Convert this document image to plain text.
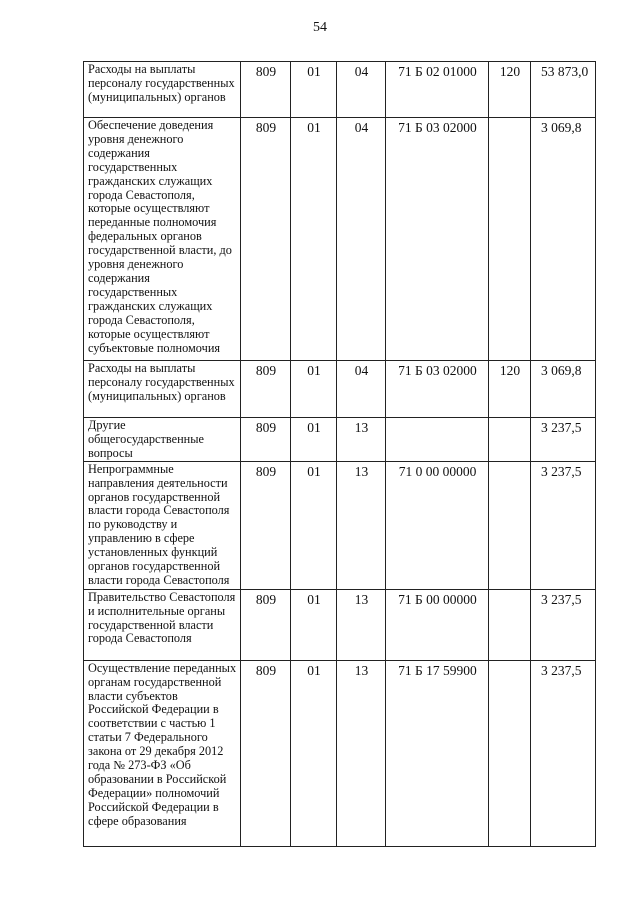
54
Расходы на выплаты персоналу государственных (муниципальных) органов	809	01	04	71 Б 02 01000	120	53 873,0
Обеспечение доведения уровня денежного содержания государственных гражданских служащих города Севастополя, которые осуществляют переданные полномочия федеральных органов государственной власти, до уровня денежного содержания государственных гражданских служащих города Севастополя, которые осуществляют субъектовые полномочия	809	01	04	71 Б 03 02000		3 069,8
Расходы на выплаты персоналу государственных (муниципальных) органов	809	01	04	71 Б 03 02000	120	3 069,8
Другие общегосударственные вопросы	809	01	13			3 237,5
Непрограммные направления деятельности органов государственной власти города Севастополя по руководству и управлению в сфере установленных функций органов государственной власти города Севастополя	809	01	13	71 0 00 00000		3 237,5
Правительство Севастополя и исполнительные органы государственной власти города Севастополя	809	01	13	71 Б 00 00000		3 237,5
Осуществление переданных органам государственной власти субъектов Российской Федерации в соответствии с частью 1 статьи 7 Федерального закона от 29 декабря 2012 года № 273-ФЗ «Об образовании в Российской Федерации» полномочий Российской Федерации в сфере образования	809	01	13	71 Б 17 59900		3 237,5
